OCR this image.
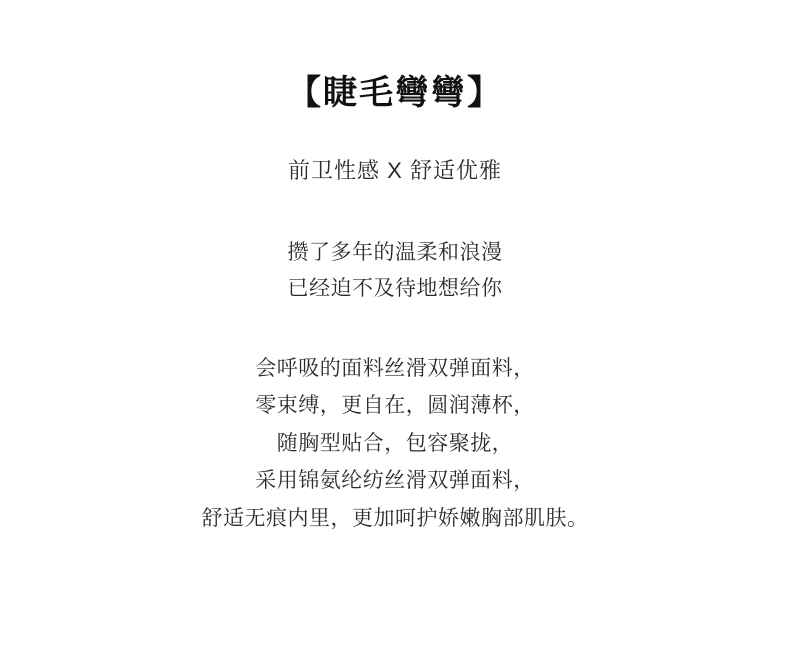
【睫毛彎彎】

前卫性感 X 舒适优雅

攒了多年的温柔和浪漫
已经迫不及待地想给你
会呼吸的面料丝滑双弹面料，
零束缚，更自在，圆润薄杯，
随胸型贴合，包容聚拢，
采用锦氨纶纺丝滑双弹面料，
舒适无痕内里，更加呵护娇嫩胸部肌肤。
